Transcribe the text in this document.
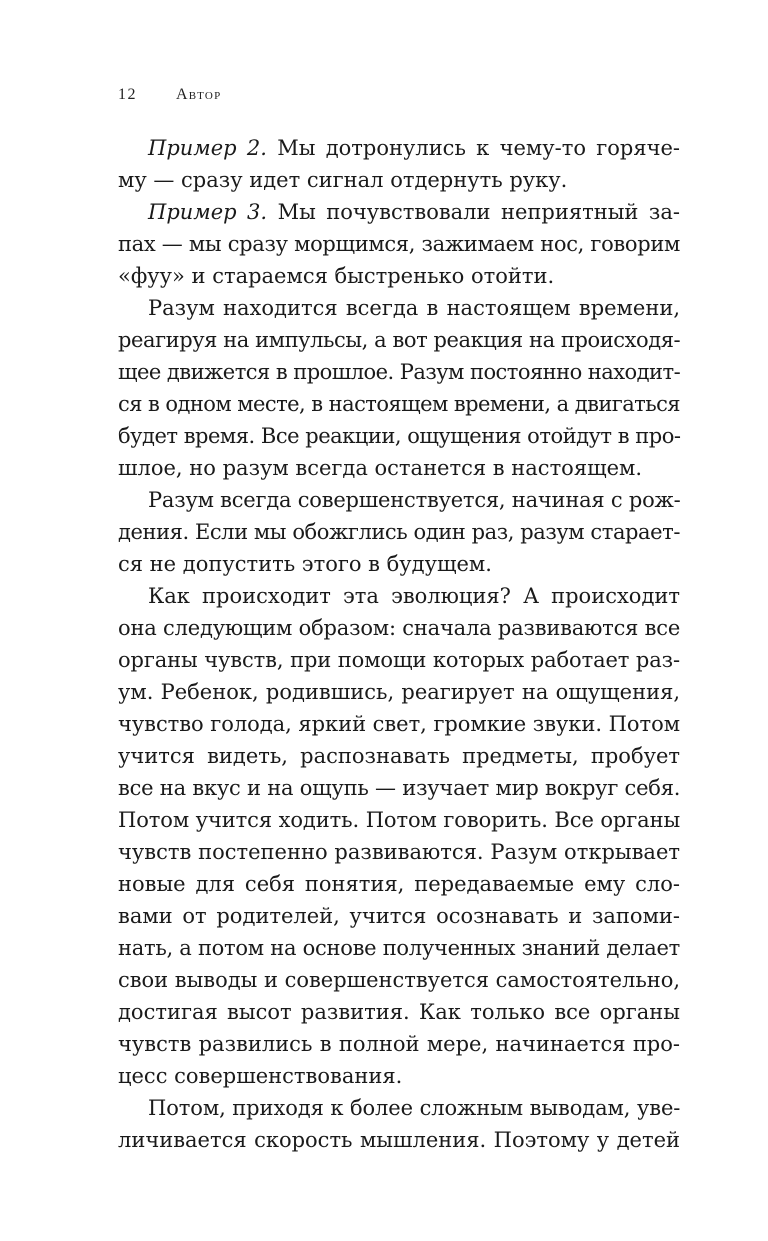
12 Автор
Пример 2. Мы дотронулись к чему-то горяче-
му — сразу идет сигнал отдернуть руку.
Пример 3. Мы почувствовали неприятный за-
пах — мы сразу морщимся, зажимаем нос, говорим
«фуу» и стараемся быстренько отойти.
Разум находится всегда в настоящем времени,
реагируя на импульсы, а вот реакция на происходя-
щее движется в прошлое. Разум постоянно находит-
ся в одном месте, в настоящем времени, а двигаться
будет время. Все реакции, ощущения отойдут в про-
шлое, но разум всегда останется в настоящем.
Разум всегда совершенствуется, начиная с рож-
дения. Если мы обожглись один раз, разум старает-
ся не допустить этого в будущем.
Как происходит эта эволюция? А происходит
она следующим образом: сначала развиваются все
органы чувств, при помощи которых работает раз-
ум. Ребенок, родившись, реагирует на ощущения,
чувство голода, яркий свет, громкие звуки. Потом
учится видеть, распознавать предметы, пробует
все на вкус и на ощупь — изучает мир вокруг себя.
Потом учится ходить. Потом говорить. Все органы
чувств постепенно развиваются. Разум открывает
новые для себя понятия, передаваемые ему сло-
вами от родителей, учится осознавать и запоми-
нать, а потом на основе полученных знаний делает
свои выводы и совершенствуется самостоятельно,
достигая высот развития. Как только все органы
чувств развились в полной мере, начинается про-
цесс совершенствования.
Потом, приходя к более сложным выводам, уве-
личивается скорость мышления. Поэтому у детей
